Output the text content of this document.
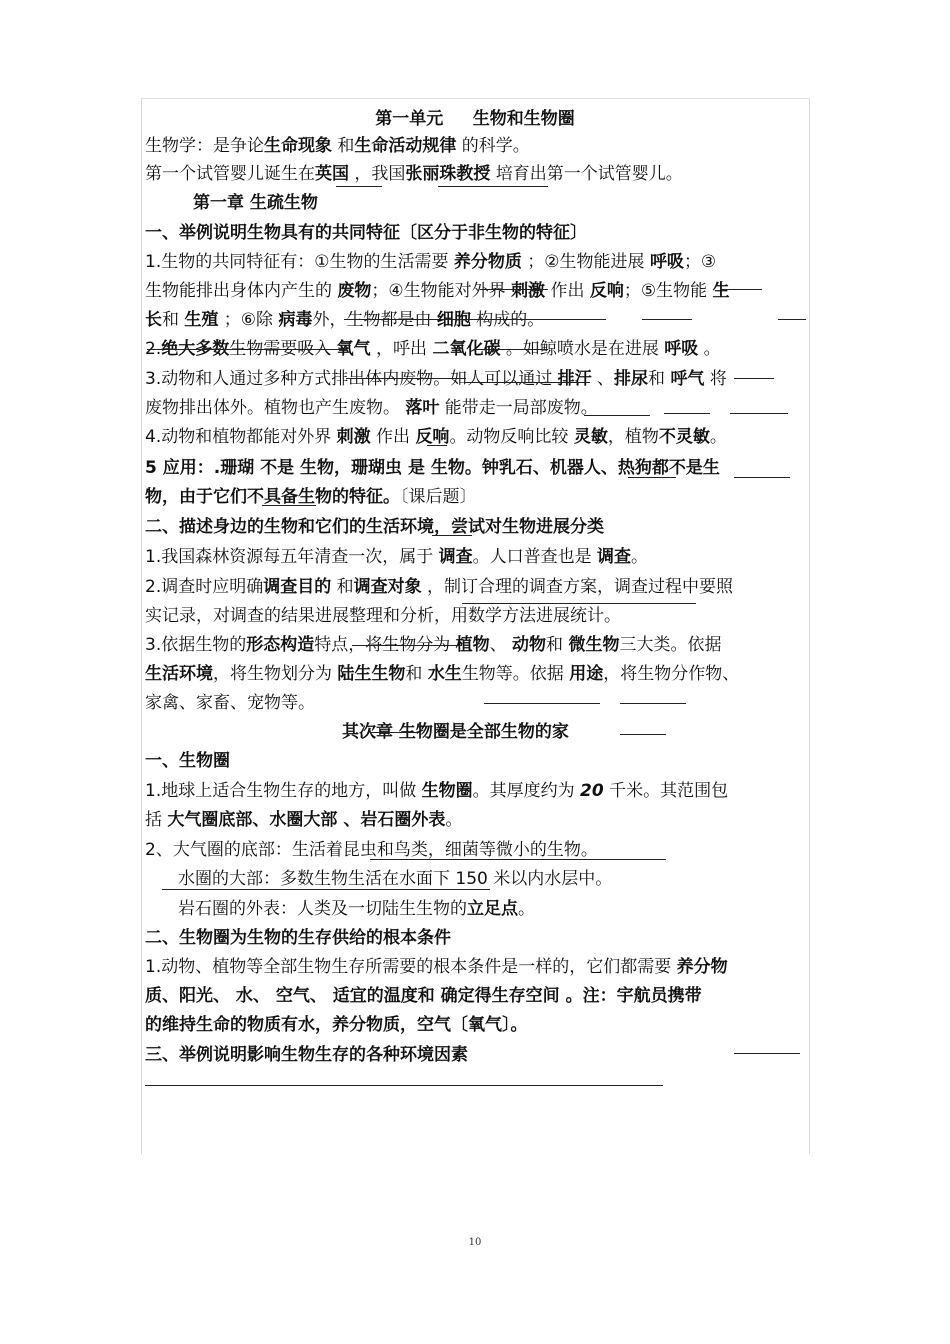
第一单元 生物和生物圈
生物学：是争论生命现象 和生命活动规律 的科学。
第一个试管婴儿诞生在英国 ，我国张丽珠教授 培育出第一个试管婴儿。
第一章 生疏生物
一、举例说明生物具有的共同特征〔区分于非生物的特征〕
1.生物的共同特征有：①生物的生活需要 养分物质 ；②生物能进展 呼吸；③
生物能排出身体内产生的 废物；④生物能对外界 刺激 作出 反响；⑤生物能 生
长和 生殖 ；⑥除 病毒外，生物都是由 细胞 构成的。
2.绝大多数生物需要吸入 氧气 ，呼出 二氧化碳 。如鲸喷水是在进展 呼吸 。
3.动物和人通过多种方式排出体内废物。如人可以通过 排汗 、排尿和 呼气 将
废物排出体外。植物也产生废物。 落叶 能带走一局部废物。
4.动物和植物都能对外界 刺激 作出 反响。动物反响比较 灵敏，植物不灵敏。
5 应用：.珊瑚 不是 生物，珊瑚虫 是 生物。钟乳石、机器人、热狗都不是生
物，由于它们不具备生物的特征。〔课后题〕
二、描述身边的生物和它们的生活环境，尝试对生物进展分类
1.我国森林资源每五年清查一次，属于 调查。人口普查也是 调查。
2.调查时应明确调查目的 和调查对象 ，制订合理的调查方案，调查过程中要照
实记录，对调查的结果进展整理和分析，用数学方法进展统计。
3.依据生物的形态构造特点，将生物分为 植物、 动物和 微生物三大类。依据
生活环境，将生物划分为 陆生生物和 水生生物等。依据 用途，将生物分作物、
家禽、家畜、宠物等。
其次章 生物圈是全部生物的家
一、生物圈
1.地球上适合生物生存的地方，叫做 生物圈。其厚度约为 20 千米。其范围包
括 大气圈底部、水圈大部 、岩石圈外表。
2、大气圈的底部：生活着昆虫和鸟类，细菌等微小的生物。
水圈的大部：多数生物生活在水面下 150 米以内水层中。
岩石圈的外表：人类及一切陆生生物的立足点。
二、生物圈为生物的生存供给的根本条件
1.动物、植物等全部生物生存所需要的根本条件是一样的，它们都需要 养分物
质、阳光、 水、 空气、 适宜的温度和 确定得生存空间 。注：宇航员携带
的维持生命的物质有水，养分物质，空气〔氧气〕。
三、举例说明影响生物生存的各种环境因素
10
